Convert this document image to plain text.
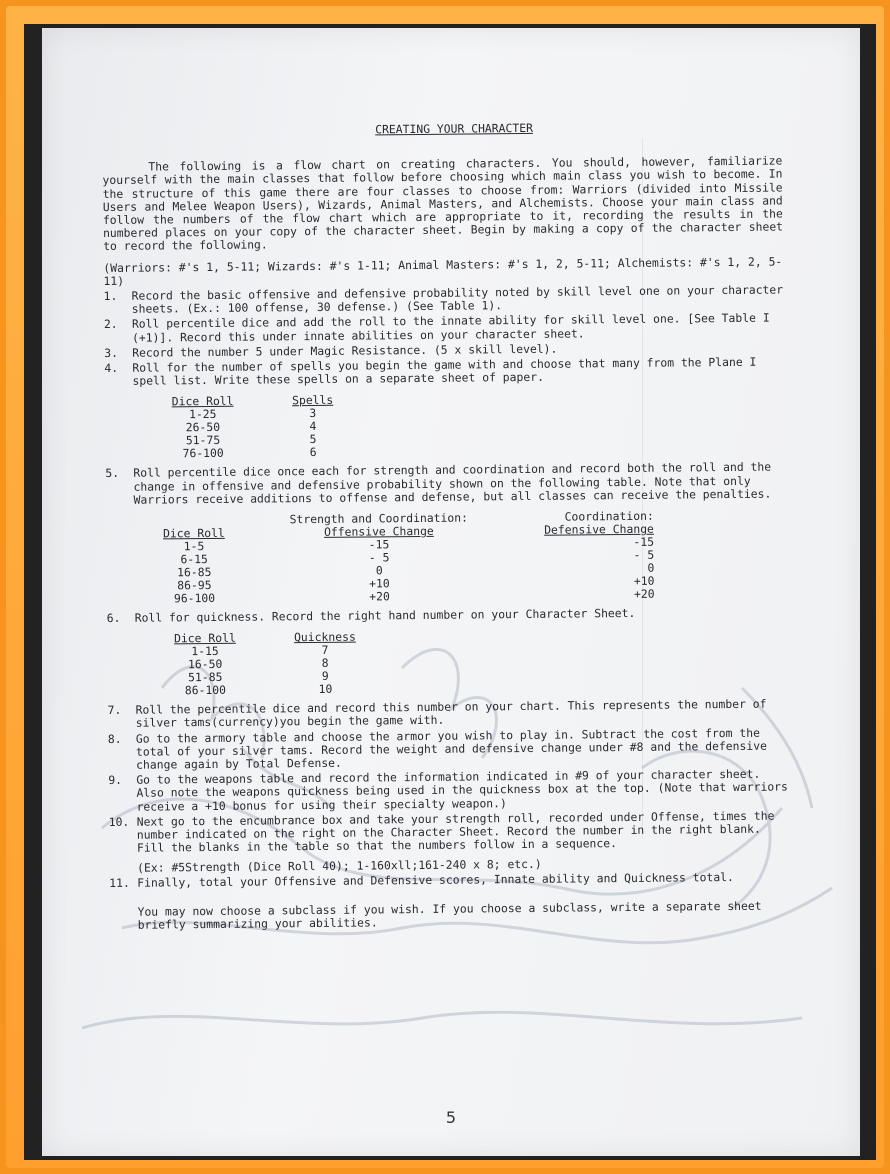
CREATING YOUR CHARACTER
The following is a flow chart on creating characters. You should, however, familiarize yourself with the main classes that follow before choosing which main class you wish to become. In the structure of this game there are four classes to choose from: Warriors (divided into Missile Users and Melee Weapon Users), Wizards, Animal Masters, and Alchemists. Choose your main class and follow the numbers of the flow chart which are appropriate to it, recording the results in the numbered places on your copy of the character sheet. Begin by making a copy of the character sheet to record the following.
(Warriors: #'s 1, 5-11; Wizards: #'s 1-11; Animal Masters: #'s 1, 2, 5-11; Alchemists: #'s 1, 2, 5-11)
1. Record the basic offensive and defensive probability noted by skill level one on your character sheets. (Ex.: 100 offense, 30 defense.) (See Table 1).
2. Roll percentile dice and add the roll to the innate ability for skill level one. [See Table I (+1)]. Record this under innate abilities on your character sheet.
3. Record the number 5 under Magic Resistance. (5 x skill level).
4. Roll for the number of spells you begin the game with and choose that many from the Plane I spell list. Write these spells on a separate sheet of paper.
Dice Roll	Spells
1-25	3
26-50	4
51-75	5
76-100	6
5. Roll percentile dice once each for strength and coordination and record both the roll and the change in offensive and defensive probability shown on the following table. Note that only Warriors receive additions to offense and defense, but all classes can receive the penalties.
	Strength and Coordination:	Coordination:
Dice Roll	Offensive Change	Defensive Change
1-5	-15	-15
6-15	- 5	- 5
16-85	0	0
86-95	+10	+10
96-100	+20	+20
6. Roll for quickness. Record the right hand number on your Character Sheet.
Dice Roll	Quickness
1-15	7
16-50	8
51-85	9
86-100	10
7. Roll the percentile dice and record this number on your chart. This represents the number of silver tams(currency)you begin the game with.
8. Go to the armory table and choose the armor you wish to play in. Subtract the cost from the total of your silver tams. Record the weight and defensive change under #8 and the defensive change again by Total Defense.
9. Go to the weapons table and record the information indicated in #9 of your character sheet. Also note the weapons quickness being used in the quickness box at the top. (Note that warriors receive a +10 bonus for using their specialty weapon.)
10. Next go to the encumbrance box and take your strength roll, recorded under Offense, times the number indicated on the right on the Character Sheet. Record the number in the right blank. Fill the blanks in the table so that the numbers follow in a sequence.
(Ex: #5Strength (Dice Roll 40); 1-160xll;161-240 x 8; etc.)
11. Finally, total your Offensive and Defensive scores, Innate ability and Quickness total.
You may now choose a subclass if you wish. If you choose a subclass, write a separate sheet briefly summarizing your abilities.
5
